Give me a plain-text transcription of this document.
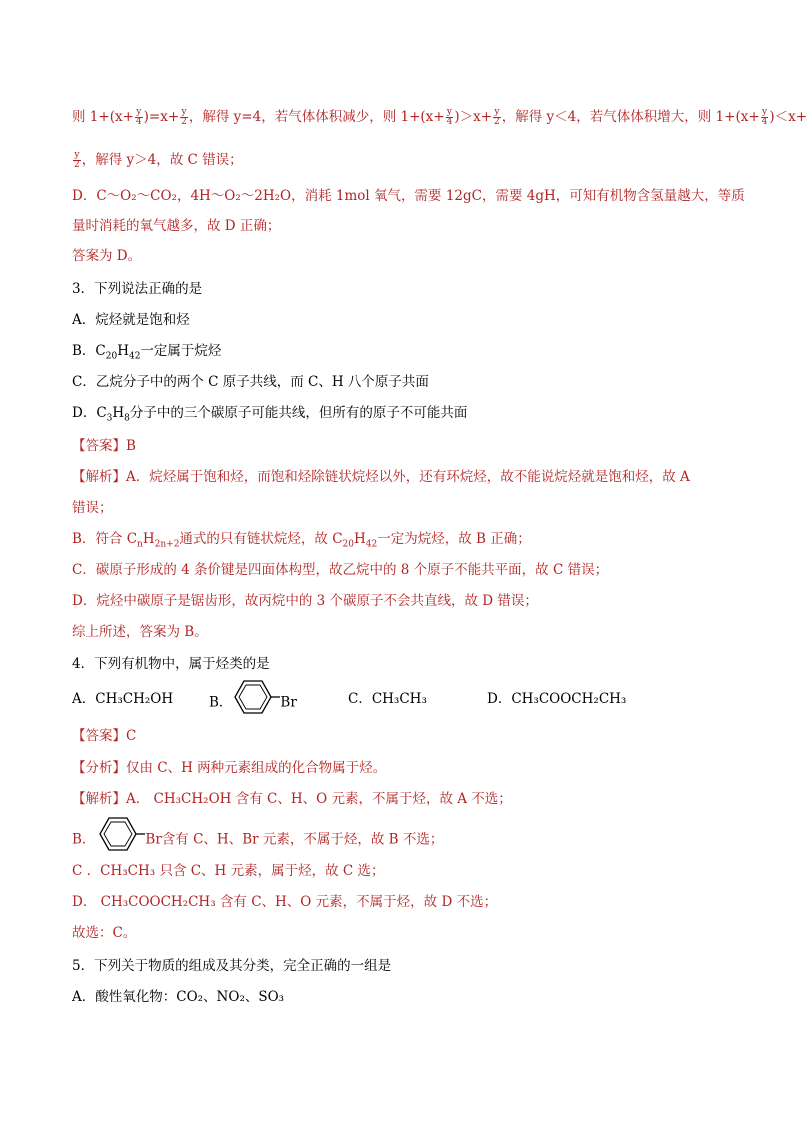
则 $1+(x+ \frac{y}{4} )=x+ \frac{y}{2}$ ，解得 y=4，若气体体积减少，则 $1+(x+ \frac{y}{4} )>x+ \frac{y}{2}$ ，解得 y＜4，若气体体积增大，则 $1+(x+ \frac{y}{4} )<x+$
$\frac{y}{2}$ ，解得 y＞4，故 C 错误；
D．C～O₂～CO₂，4H～O₂～2H₂O，消耗 1mol 氧气，需要 12gC，需要 4gH，可知有机物含氢量越大，等质
量时消耗的氧气越多，故 D 正确；
答案为 D。
3．下列说法正确的是
A．烷烃就是饱和烃
B．$C_{20}H_{42}$一定属于烷烃
C．乙烷分子中的两个 C 原子共线，而 C、H 八个原子共面
D．$C_3H_8$分子中的三个碳原子可能共线，但所有的原子不可能共面
【答案】B
【解析】A．烷烃属于饱和烃，而饱和烃除链状烷烃以外，还有环烷烃，故不能说烷烃就是饱和烃，故 A
错误；
B．符合 $C_nH_{2n+2}$通式的只有链状烷烃，故 $C_{20}H_{42}$一定为烷烃，故 B 正确；
C．碳原子形成的 4 条价键是四面体构型，故乙烷中的 8 个原子不能共平面，故 C 错误；
D．烷烃中碳原子是锯齿形，故丙烷中的 3 个碳原子不会共直线，故 D 错误；
综上所述，答案为 B。
4．下列有机物中，属于烃类的是
A．CH₃CH₂OH	B．	Br	C．CH₃CH₃	D．CH₃COOCH₂CH₃
【答案】C
【分析】仅由 C、H 两种元素组成的化合物属于烃。
【解析】A． CH₃CH₂OH 含有 C、H、O 元素，不属于烃，故 A 不选；
B．	Br含有 C、H、Br 元素，不属于烃，故 B 不选；
C ．CH₃CH₃ 只含 C、H 元素，属于烃，故 C 选；
D． CH₃COOCH₂CH₃ 含有 C、H、O 元素，不属于烃，故 D 不选；
故选：C。
5．下列关于物质的组成及其分类，完全正确的一组是
A．酸性氧化物：CO₂、NO₂、SO₃
